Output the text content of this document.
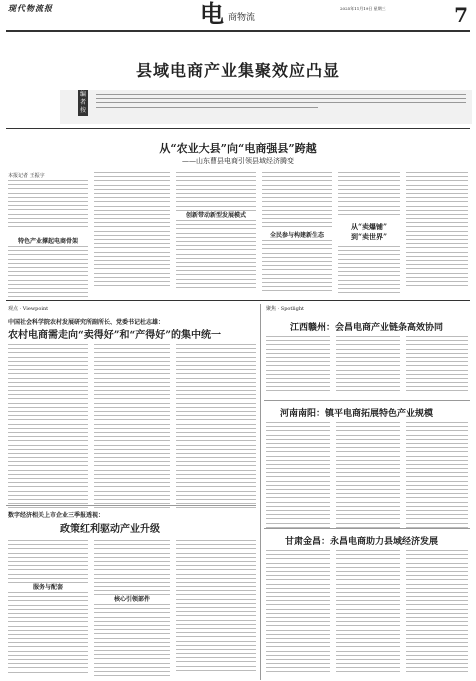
现代物流报	电 商物流
2025年11月19日 星期三	7
县域电商产业集聚效应凸显
编者按
从“农业大县”向“电商强县”跨越
——山东曹县电商引领县域经济腾变
本报记者 王振宇
特色产业撑起电商骨架
创新带动新型发展模式
全民参与构建新生态
从“卖爆铺”
到“卖世界”
观点 · Viewpoint
中国社会科学院农村发展研究所副所长、党委书记杜志雄：
农村电商需走向“卖得好”和“产得好”的集中统一
聚焦 · Spotlight
江西赣州：会昌电商产业链条高效协同
河南南阳：镇平电商拓展特色产业规模
甘肃金昌：永昌电商助力县域经济发展
数字经济相关上市企业三季报透视：
政策红利驱动产业升级
服务与配套
核心引领部件
